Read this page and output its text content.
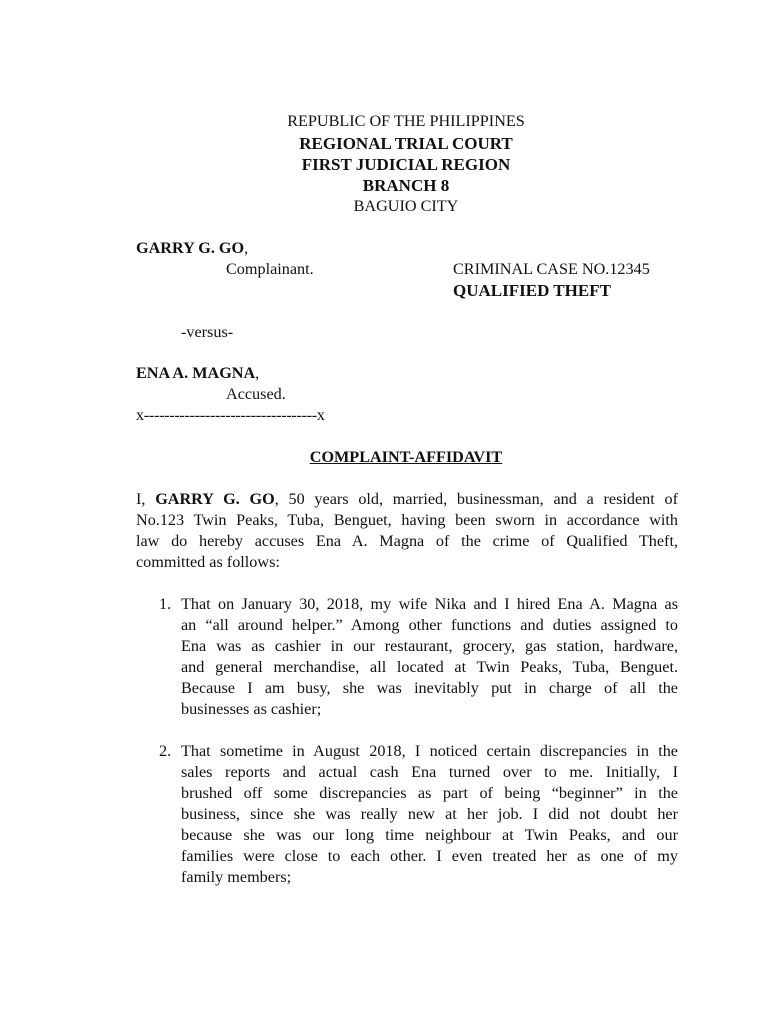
REPUBLIC OF THE PHILIPPINES
REGIONAL TRIAL COURT
FIRST JUDICIAL REGION
BRANCH 8
BAGUIO CITY
GARRY G. GO,
Complainant.	CRIMINAL CASE NO.12345
QUALIFIED THEFT
-versus-
ENA A. MAGNA,
Accused.
x----------------------------------x
COMPLAINT-AFFIDAVIT
I, GARRY G. GO, 50 years old, married, businessman, and a resident of
No.123 Twin Peaks, Tuba, Benguet, having been sworn in accordance with
law do hereby accuses Ena A. Magna of the crime of Qualified Theft,
committed as follows:
1. That on January 30, 2018, my wife Nika and I hired Ena A. Magna as
an “all around helper.” Among other functions and duties assigned to
Ena was as cashier in our restaurant, grocery, gas station, hardware,
and general merchandise, all located at Twin Peaks, Tuba, Benguet.
Because I am busy, she was inevitably put in charge of all the
businesses as cashier;
2. That sometime in August 2018, I noticed certain discrepancies in the
sales reports and actual cash Ena turned over to me. Initially, I
brushed off some discrepancies as part of being “beginner” in the
business, since she was really new at her job. I did not doubt her
because she was our long time neighbour at Twin Peaks, and our
families were close to each other. I even treated her as one of my
family members;
